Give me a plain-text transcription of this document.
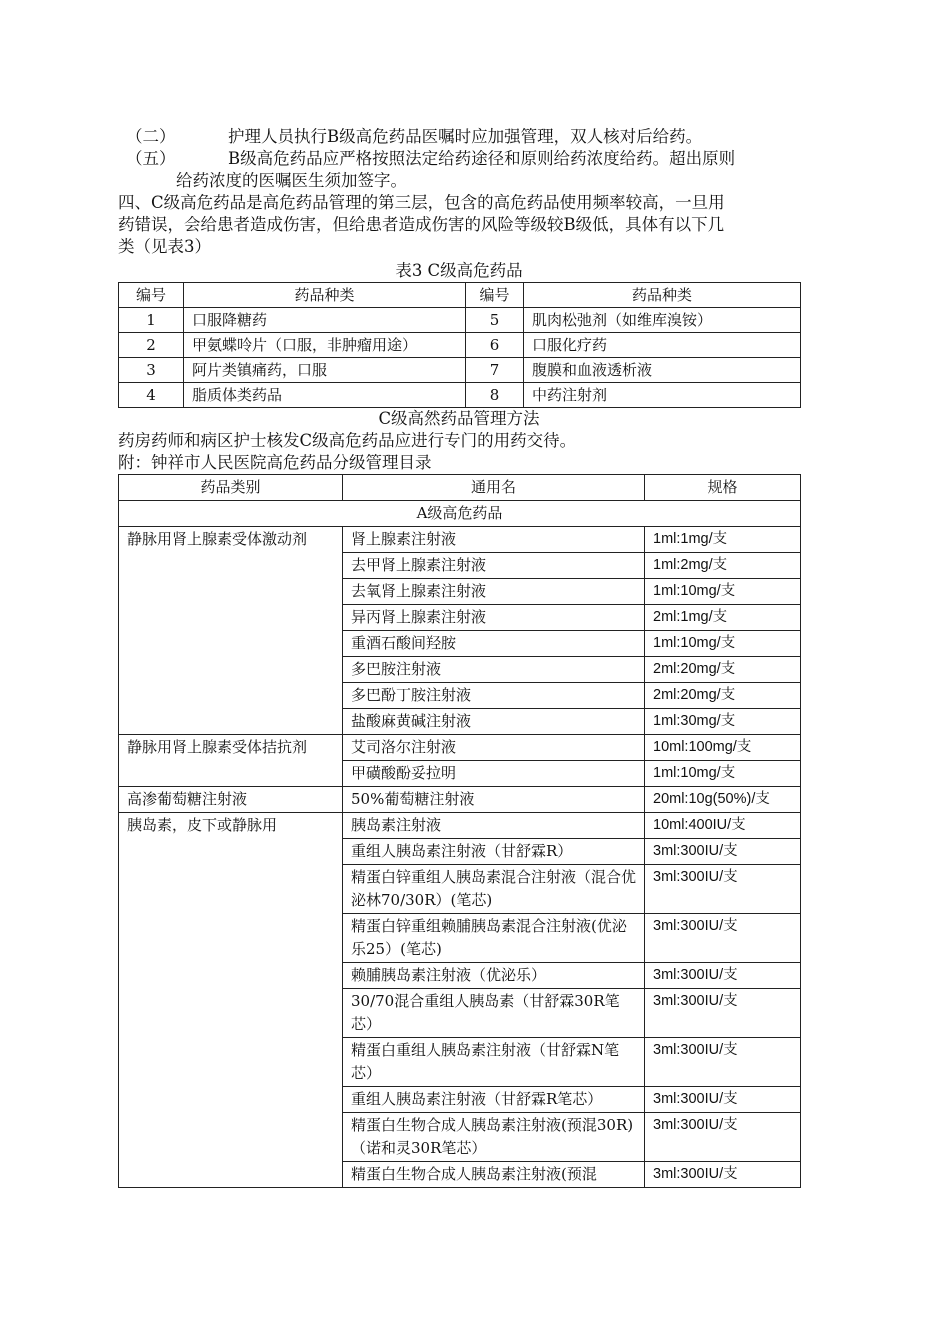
（二）	护理人员执行B级高危药品医嘱时应加强管理，双人核对后给药。

（五）	B级高危药品应严格按照法定给药途径和原则给药浓度给药。超出原则

给药浓度的医嘱医生须加签字。

四、C级高危药品是高危药品管理的第三层，包含的高危药品使用频率较高，一旦用

药错误，会给患者造成伤害，但给患者造成伤害的风险等级较B级低，具体有以下几

类（见表3）

表3 C级高危药品

编号	药品种类	编号	药品种类
1	口服降糖药	5	肌肉松弛剂（如维库溴铵）
2	甲氨蝶呤片（口服，非肿瘤用途）	6	口服化疗药
3	阿片类镇痛药，口服	7	腹膜和血液透析液
4	脂质体类药品	8	中药注射剂

C级高然药品管理方法

药房药师和病区护士核发C级高危药品应进行专门的用药交待。

附：钟祥市人民医院高危药品分级管理目录

药品类别	通用名	规格
A级高危药品		
静脉用肾上腺素受体激动剂	肾上腺素注射液	1ml:1mg/支
	去甲肾上腺素注射液	1ml:2mg/支
	去氧肾上腺素注射液	1ml:10mg/支
	异丙肾上腺素注射液	2ml:1mg/支
	重酒石酸间羟胺	1ml:10mg/支
	多巴胺注射液	2ml:20mg/支
	多巴酚丁胺注射液	2ml:20mg/支
	盐酸麻黄碱注射液	1ml:30mg/支
静脉用肾上腺素受体拮抗剂	艾司洛尔注射液	10ml:100mg/支
	甲磺酸酚妥拉明	1ml:10mg/支
高渗葡萄糖注射液	50%葡萄糖注射液	20ml:10g(50%)/支
胰岛素，皮下或静脉用	胰岛素注射液	10ml:400IU/支
	重组人胰岛素注射液（甘舒霖R）	3ml:300IU/支
	精蛋白锌重组人胰岛素混合注射液（混合优泌林70/30R）(笔芯)	3ml:300IU/支
	精蛋白锌重组赖脯胰岛素混合注射液(优泌乐25）(笔芯)	3ml:300IU/支
	赖脯胰岛素注射液（优泌乐）	3ml:300IU/支
	30/70混合重组人胰岛素（甘舒霖30R笔芯）	3ml:300IU/支
	精蛋白重组人胰岛素注射液（甘舒霖N笔芯）	3ml:300IU/支
	重组人胰岛素注射液（甘舒霖R笔芯）	3ml:300IU/支
	精蛋白生物合成人胰岛素注射液(预混30R)（诺和灵30R笔芯）	3ml:300IU/支
	精蛋白生物合成人胰岛素注射液(预混	3ml:300IU/支
